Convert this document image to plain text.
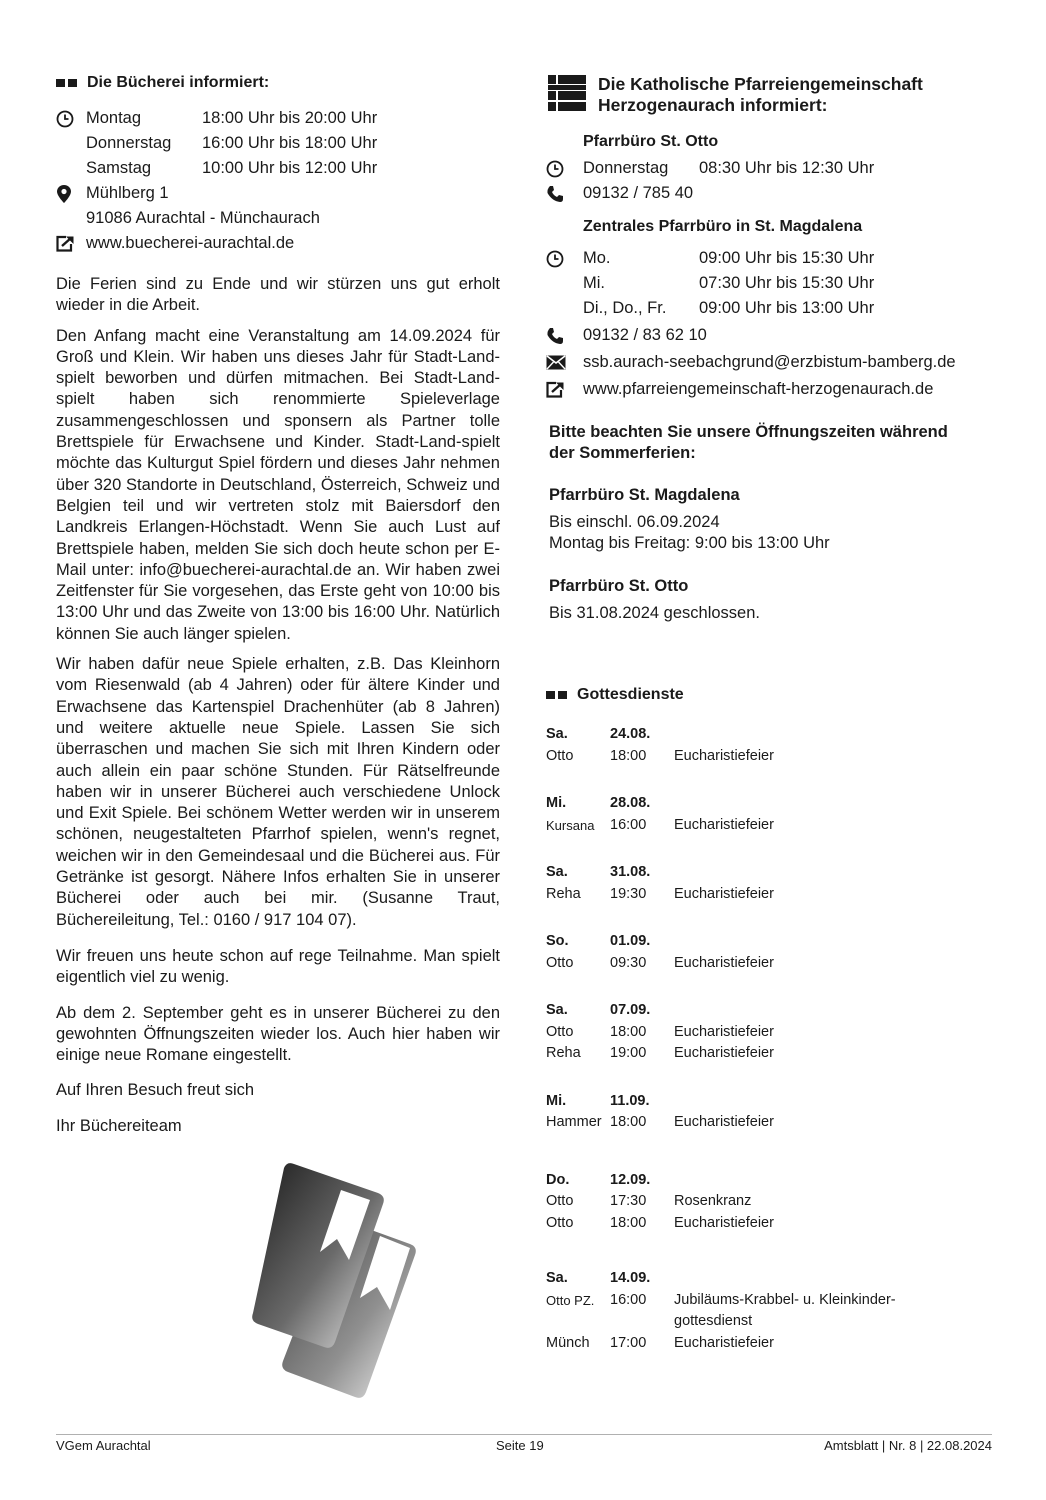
Die Bücherei informiert:
Montag	18:00 Uhr bis 20:00 Uhr
Donnerstag	16:00 Uhr bis 18:00 Uhr
Samstag	10:00 Uhr bis 12:00 Uhr
Mühlberg 1
91086 Aurachtal - Münchaurach
www.buecherei-aurachtal.de

Die Ferien sind zu Ende und wir stürzen uns gut erholt wieder in die Arbeit.

Den Anfang macht eine Veranstaltung am 14.09.2024 für Groß und Klein. Wir haben uns dieses Jahr für Stadt-Land-spielt beworben und dürfen mitmachen. Bei Stadt-Land-spielt haben sich renommierte Spieleverlage zusammengeschlossen und sponsern als Partner tolle Brettspiele für Erwachsene und Kinder. Stadt-Land-spielt möchte das Kulturgut Spiel fördern und dieses Jahr nehmen über 320 Standorte in Deutschland, Österreich, Schweiz und Belgien teil und wir vertreten stolz mit Baiersdorf den Landkreis Erlangen-Höchstadt. Wenn Sie auch Lust auf Brettspiele haben, melden Sie sich doch heute schon per E-Mail unter: info@buecherei-aurachtal.de an. Wir haben zwei Zeitfenster für Sie vorgesehen, das Erste geht von 10:00 bis 13:00 Uhr und das Zweite von 13:00 bis 16:00 Uhr. Natürlich können Sie auch länger spielen.

Wir haben dafür neue Spiele erhalten, z.B. Das Kleinhorn vom Riesenwald (ab 4 Jahren) oder für ältere Kinder und Erwachsene das Kartenspiel Drachenhüter (ab 8 Jahren) und weitere aktuelle neue Spiele. Lassen Sie sich überraschen und machen Sie sich mit Ihren Kindern oder auch allein ein paar schöne Stunden. Für Rätselfreunde haben wir in unserer Bücherei auch verschiedene Unlock und Exit Spiele. Bei schönem Wetter werden wir in unserem schönen, neugestalteten Pfarrhof spielen, wenn's regnet, weichen wir in den Gemeindesaal und die Bücherei aus. Für Getränke ist gesorgt. Nähere Infos erhalten Sie in unserer Bücherei oder auch bei mir. (Susanne Traut, Büchereileitung, Tel.: 0160 / 917 104 07).

Wir freuen uns heute schon auf rege Teilnahme. Man spielt eigentlich viel zu wenig.

Ab dem 2. September geht es in unserer Bücherei zu den gewohnten Öffnungszeiten wieder los. Auch hier haben wir einige neue Romane eingestellt.

Auf Ihren Besuch freut sich

Ihr Büchereiteam

Die Katholische Pfarreiengemeinschaft
Herzogenaurach informiert:
Pfarrbüro St. Otto
Donnerstag	08:30 Uhr bis 12:30 Uhr
09132 / 785 40
Zentrales Pfarrbüro in St. Magdalena
Mo.	09:00 Uhr bis 15:30 Uhr
Mi.	07:30 Uhr bis 15:30 Uhr
Di., Do., Fr.	09:00 Uhr bis 13:00 Uhr
09132 / 83 62 10
ssb.aurach-seebachgrund@erzbistum-bamberg.de
www.pfarreiengemeinschaft-herzogenaurach.de
Bitte beachten Sie unsere Öffnungszeiten während
der Sommerferien:
Pfarrbüro St. Magdalena
Bis einschl. 06.09.2024
Montag bis Freitag: 9:00 bis 13:00 Uhr
Pfarrbüro St. Otto
Bis 31.08.2024 geschlossen.
Gottesdienste
Sa.	24.08.
Otto	18:00	Eucharistiefeier
Mi.	28.08.
Kursana	16:00	Eucharistiefeier
Sa.	31.08.
Reha	19:30	Eucharistiefeier
So.	01.09.
Otto	09:30	Eucharistiefeier
Sa.	07.09.
Otto	18:00	Eucharistiefeier
Reha	19:00	Eucharistiefeier
Mi.	11.09.
Hammer 18:00	Eucharistiefeier
Do.	12.09.
Otto	17:30	Rosenkranz
Otto	18:00	Eucharistiefeier
Sa.	14.09.
Otto PZ.	16:00	Jubiläums-Krabbel- u. Kleinkinder-
gottesdienst
Münch	17:00	Eucharistiefeier
VGem Aurachtal	Seite 19	Amtsblatt | Nr. 8 | 22.08.2024
